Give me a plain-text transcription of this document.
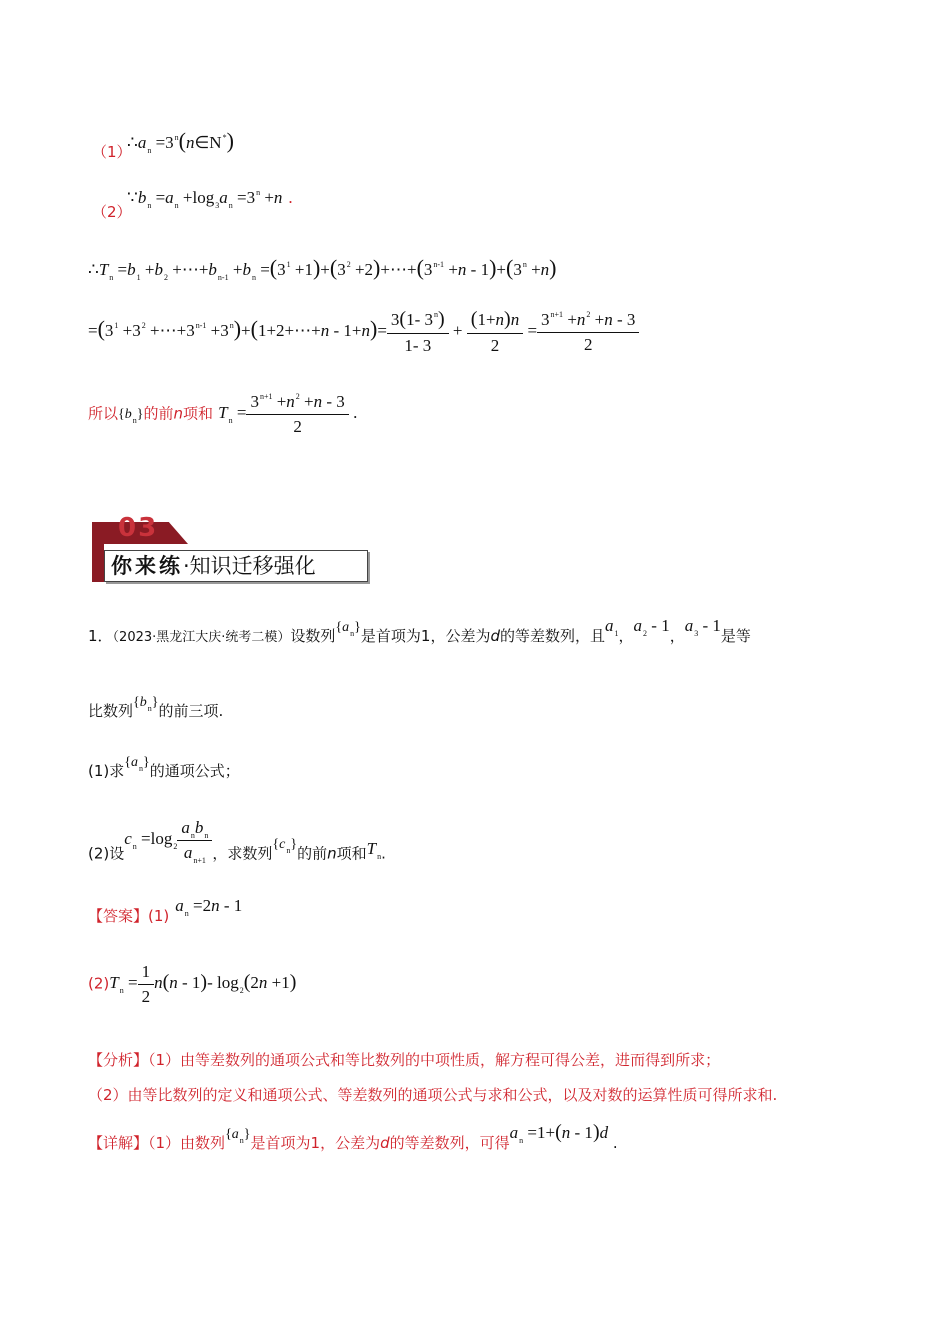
（1）
$\therefore a_n$ $=3^n(n\in N^*)$
（2）
$\because b_n =a_n +\log_3a_n =3^n +n$ .
$\therefore T_n =b_1 +b_2$ $+\cdots+b_{n-1} +b_n =(3^1 +1)+(3^2$ $+2)+\cdots+(3^{n-1} +n - 1)+(3^n +n)$
$=(3^1 +3^2$ $+\cdots+3^{n-1}$ $+3^n)+(1+2+\cdots+n - 1+n)= \frac{3(1- 3^n)}{1- 3} + \frac{(1+n)n}{2} = \frac{3^{n+1} +n^2 +n - 3}{2}$
所以$\{b_n\}$的前n项和 $T_n = \frac{3^{n+1} +n^2 +n - 3}{2}$ .
03
你来练·知识迁移强化
1．（2023·黑龙江大庆·统考二模）设数列$\{a_n\}$是首项为1，公差为d的等差数列，且$a_1$，$a_2 - 1$，$a_3 - 1$是等
比数列$\{b_n\}$的前三项.
(1)求$\{a_n\}$的通项公式；
(2)设$c_n =\log_2 \frac{a_nb_n}{a_{n+1}}$ ，求数列$\{c_n\}$的前n项和$T_n$.
【答案】$(1)a_n =2n - 1$
$(2)T_n = \frac{1}{2} n(n - 1)-$ $\log_2(2n +1)$
【分析】（1）由等差数列的通项公式和等比数列的中项性质，解方程可得公差，进而得到所求；
（2）由等比数列的定义和通项公式、等差数列的通项公式与求和公式，以及对数的运算性质可得所求和.
【详解】（1）由数列$\{a_n\}$是首项为1，公差为d的等差数列，可得$a_n =1+(n - 1)d$ .
